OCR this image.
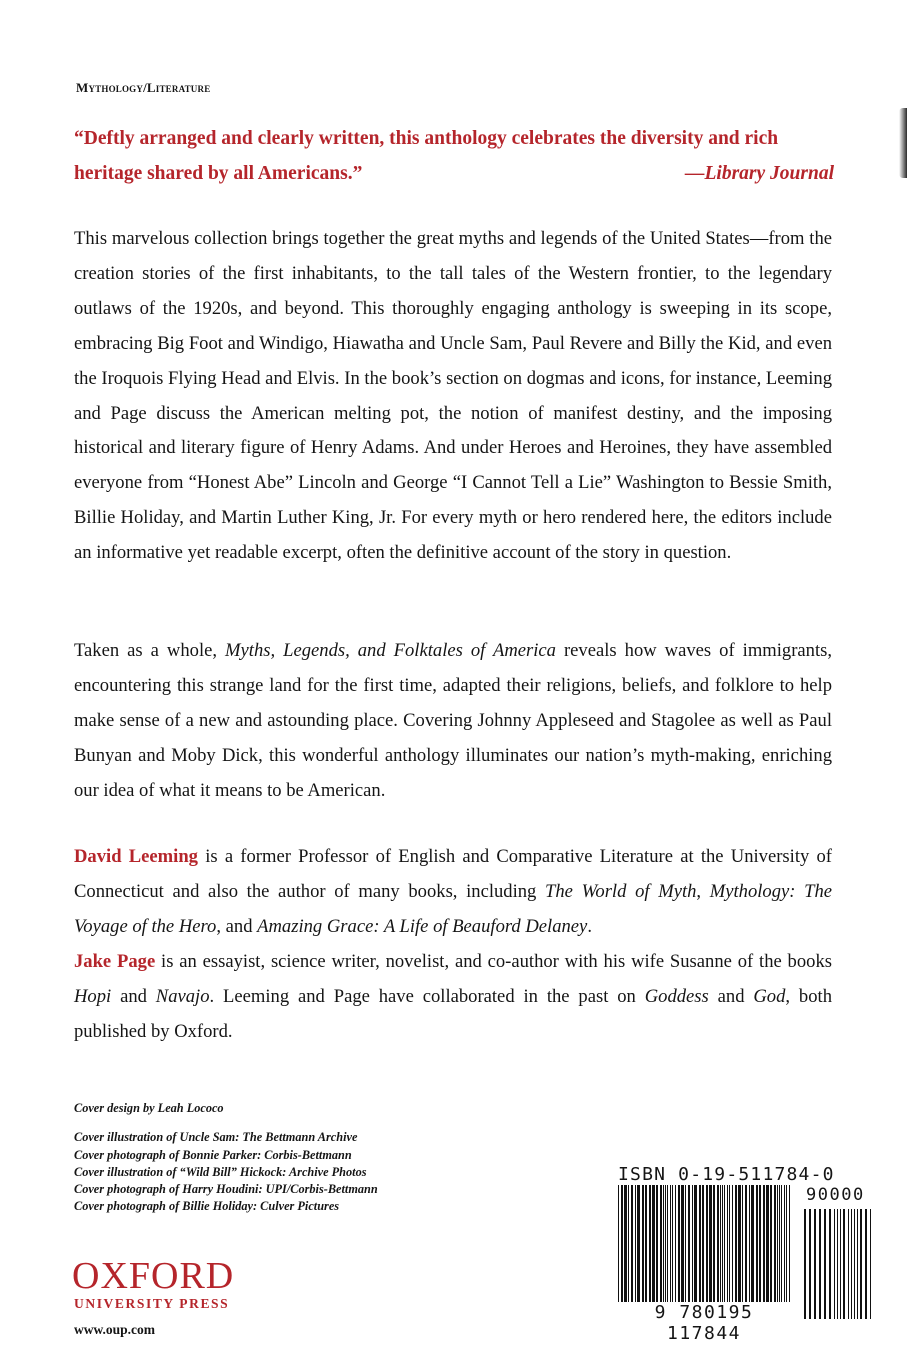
Mythology/Literature
“Deftly arranged and clearly written, this anthology celebrates the diversity and rich heritage shared by all Americans.”	—Library Journal

This marvelous collection brings together the great myths and legends of the United States—from the creation stories of the first inhabitants, to the tall tales of the Western frontier, to the legendary outlaws of the 1920s, and beyond. This thoroughly engaging anthology is sweeping in its scope, embracing Big Foot and Windigo, Hiawatha and Uncle Sam, Paul Revere and Billy the Kid, and even the Iroquois Flying Head and Elvis. In the book’s section on dogmas and icons, for instance, Leeming and Page discuss the American melting pot, the notion of manifest destiny, and the imposing historical and literary figure of Henry Adams. And under Heroes and Heroines, they have assembled everyone from “Honest Abe” Lincoln and George “I Cannot Tell a Lie” Washington to Bessie Smith, Billie Holiday, and Martin Luther King, Jr. For every myth or hero rendered here, the editors include an informative yet readable excerpt, often the definitive account of the story in question.

Taken as a whole, Myths, Legends, and Folktales of America reveals how waves of immigrants, encountering this strange land for the first time, adapted their religions, beliefs, and folklore to help make sense of a new and astounding place. Covering Johnny Appleseed and Stagolee as well as Paul Bunyan and Moby Dick, this wonderful anthology illuminates our nation’s myth-making, enriching our idea of what it means to be American.

David Leeming is a former Professor of English and Comparative Literature at the University of Connecticut and also the author of many books, including The World of Myth, Mythology: The Voyage of the Hero, and Amazing Grace: A Life of Beauford Delaney.
Jake Page is an essayist, science writer, novelist, and co-author with his wife Susanne of the books Hopi and Navajo. Leeming and Page have collaborated in the past on Goddess and God, both published by Oxford.

Cover design by Leah Lococo
Cover illustration of Uncle Sam: The Bettmann Archive
Cover photograph of Bonnie Parker: Corbis-Bettmann
Cover illustration of “Wild Bill” Hickock: Archive Photos
Cover photograph of Harry Houdini: UPI/Corbis-Bettmann
Cover photograph of Billie Holiday: Culver Pictures
OXFORD
UNIVERSITY PRESS
www.oup.com
ISBN 0-19-511784-0
90000
9 780195 117844
